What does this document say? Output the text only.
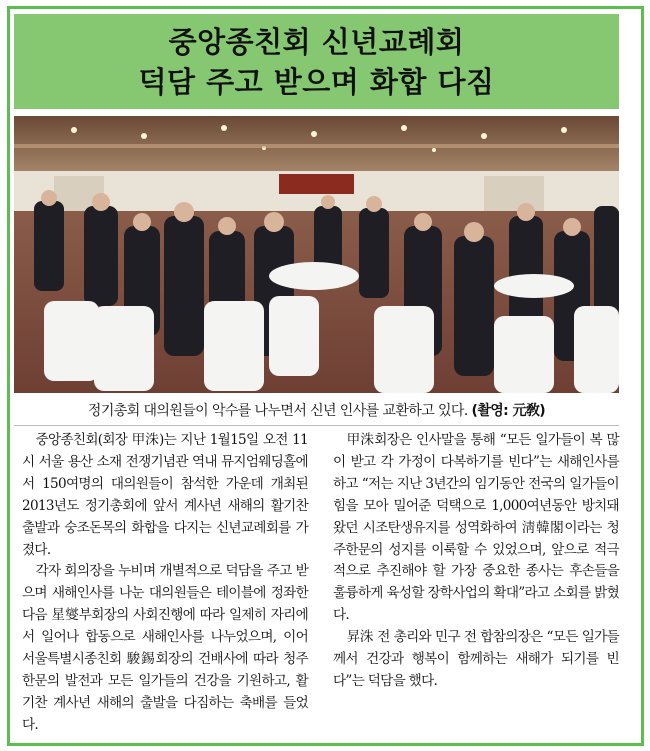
중앙종친회 신년교례회
덕담 주고 받으며 화합 다짐
정기총회 대의원들이 악수를 나누면서 신년 인사를 교환하고 있다. (촬영: 元敎)

중앙종친회(회장 甲洙)는 지난 1월15일 오전 11시 서울 용산 소재 전쟁기념관 역내 뮤지엄웨딩홀에서 150여명의 대의원들이 참석한 가운데 개최된 2013년도 정기총회에 앞서 계사년 새해의 활기찬 출발과 숭조돈목의 화합을 다지는 신년교례회를 가졌다.

각자 회의장을 누비며 개별적으로 덕담을 주고 받으며 새해인사를 나눈 대의원들은 테이블에 정좌한 다음 星燮부회장의 사회진행에 따라 일제히 자리에서 일어나 합동으로 새해인사를 나누었으며, 이어 서울특별시종친회 駿錫회장의 건배사에 따라 청주한문의 발전과 모든 일가들의 건강을 기원하고, 활기찬 계사년 새해의 출발을 다짐하는 축배를 들었다.

甲洙회장은 인사말을 통해 “모든 일가들이 복 많이 받고 각 가정이 다복하기를 빈다”는 새해인사를 하고 “저는 지난 3년간의 임기동안 전국의 일가들이 힘을 모아 밀어준 덕택으로 1,000여년동안 방치돼왔던 시조탄생유지를 성역화하여 淸韓閣이라는 청주한문의 성지를 이룩할 수 있었으며, 앞으로 적극적으로 추진해야 할 가장 중요한 종사는 후손들을 훌륭하게 육성할 장학사업의 확대”라고 소회를 밝혔다.

昇洙 전 총리와 민구 전 합참의장은 “모든 일가들께서 건강과 행복이 함께하는 새해가 되기를 빈다”는 덕담을 했다.
